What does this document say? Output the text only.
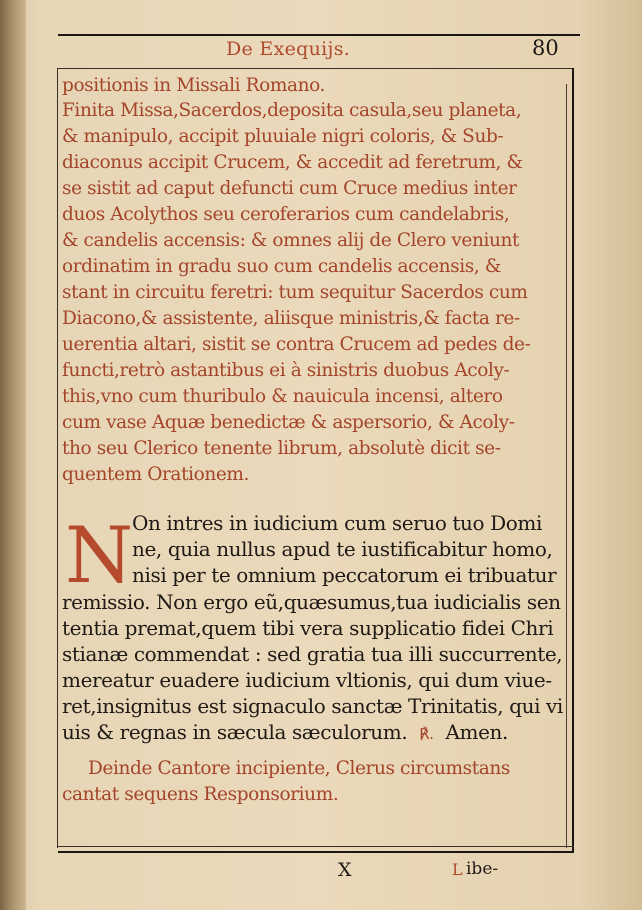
De Exequijs.	80
positionis in Missali Romano.
Finita Missa,Sacerdos,deposita casula,seu planeta,
& manipulo, accipit pluuiale nigri coloris, & Sub-
diaconus accipit Crucem, & accedit ad feretrum, &
se sistit ad caput defuncti cum Cruce medius inter
duos Acolythos seu ceroferarios cum candelabris,
& candelis accensis: & omnes alij de Clero veniunt
ordinatim in gradu suo cum candelis accensis, &
stant in circuitu feretri: tum sequitur Sacerdos cum
Diacono,& assistente, aliisque ministris,& facta re-
uerentia altari, sistit se contra Crucem ad pedes de-
functi,retrò astantibus ei à sinistris duobus Acoly-
this,vno cum thuribulo & nauicula incensi, altero
cum vase Aquæ benedictæ & aspersorio, & Acoly-
tho seu Clerico tenente librum, absolutè dicit se-
quentem Orationem.
N
On intres in iudicium cum seruo tuo Domi
ne, quia nullus apud te iustificabitur homo,
nisi per te omnium peccatorum ei tribuatur
remissio. Non ergo eũ,quæsumus,tua iudicialis sen
tentia premat,quem tibi vera supplicatio fidei Chri
stianæ commendat : sed gratia tua illi succurrente,
mereatur euadere iudicium vltionis, qui dum viue-
ret,insignitus est signaculo sanctæ Trinitatis, qui vi
uis & regnas in sæcula sæculorum. ℟. Amen.
Deinde Cantore incipiente, Clerus circumstans
cantat sequens Responsorium.
X	L ibe-
